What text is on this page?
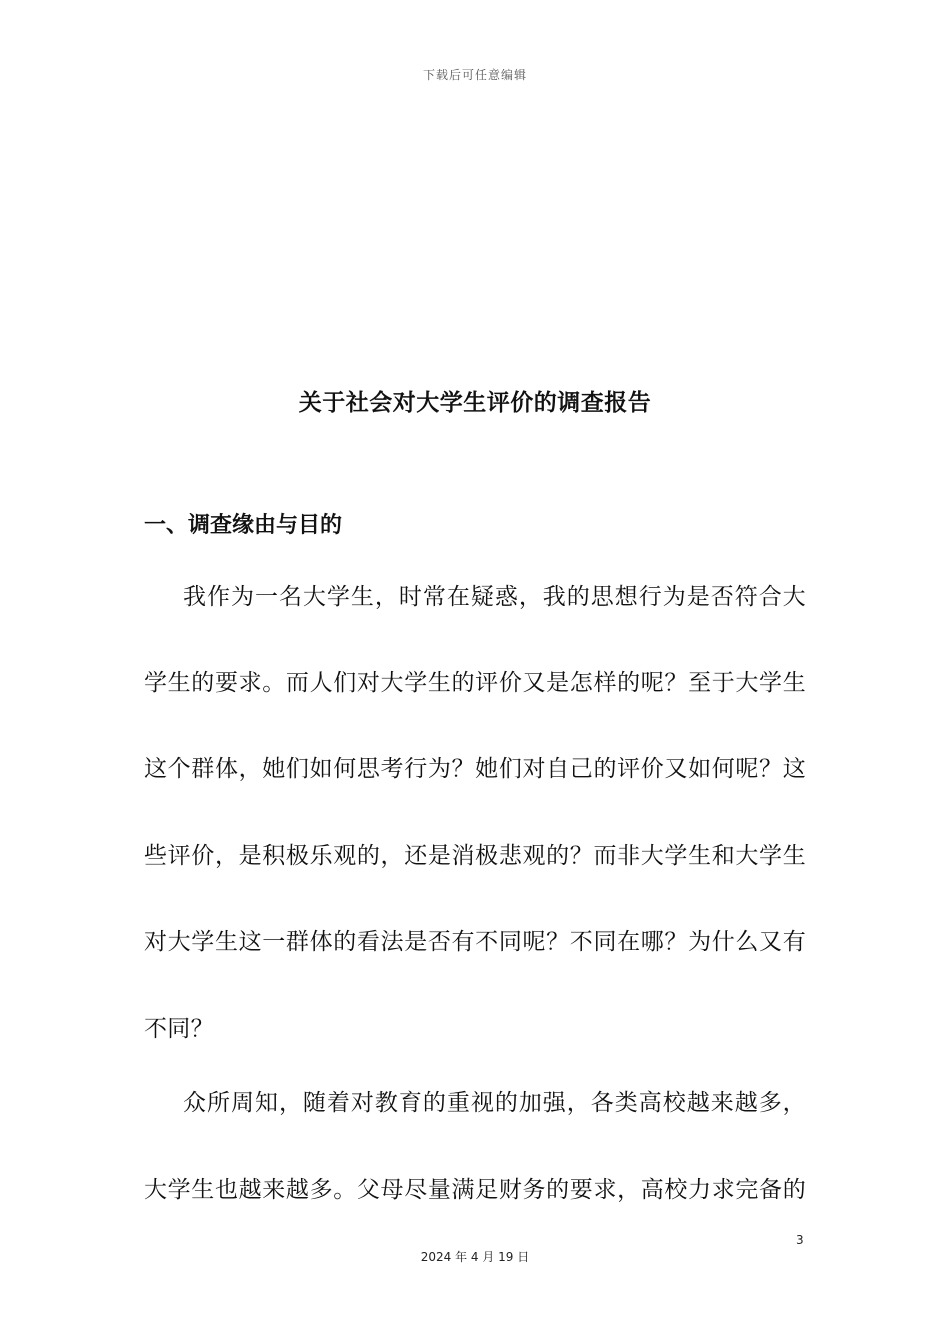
下载后可任意编辑
关于社会对大学生评价的调查报告
一、调查缘由与目的
我作为一名大学生，时常在疑惑，我的思想行为是否符合大
学生的要求。而人们对大学生的评价又是怎样的呢？至于大学生
这个群体，她们如何思考行为？她们对自己的评价又如何呢？这
些评价，是积极乐观的，还是消极悲观的？而非大学生和大学生
对大学生这一群体的看法是否有不同呢？不同在哪？为什么又有
不同？
众所周知，随着对教育的重视的加强，各类高校越来越多，
大学生也越来越多。父母尽量满足财务的要求，高校力求完备的
3
2024 年 4 月 19 日
